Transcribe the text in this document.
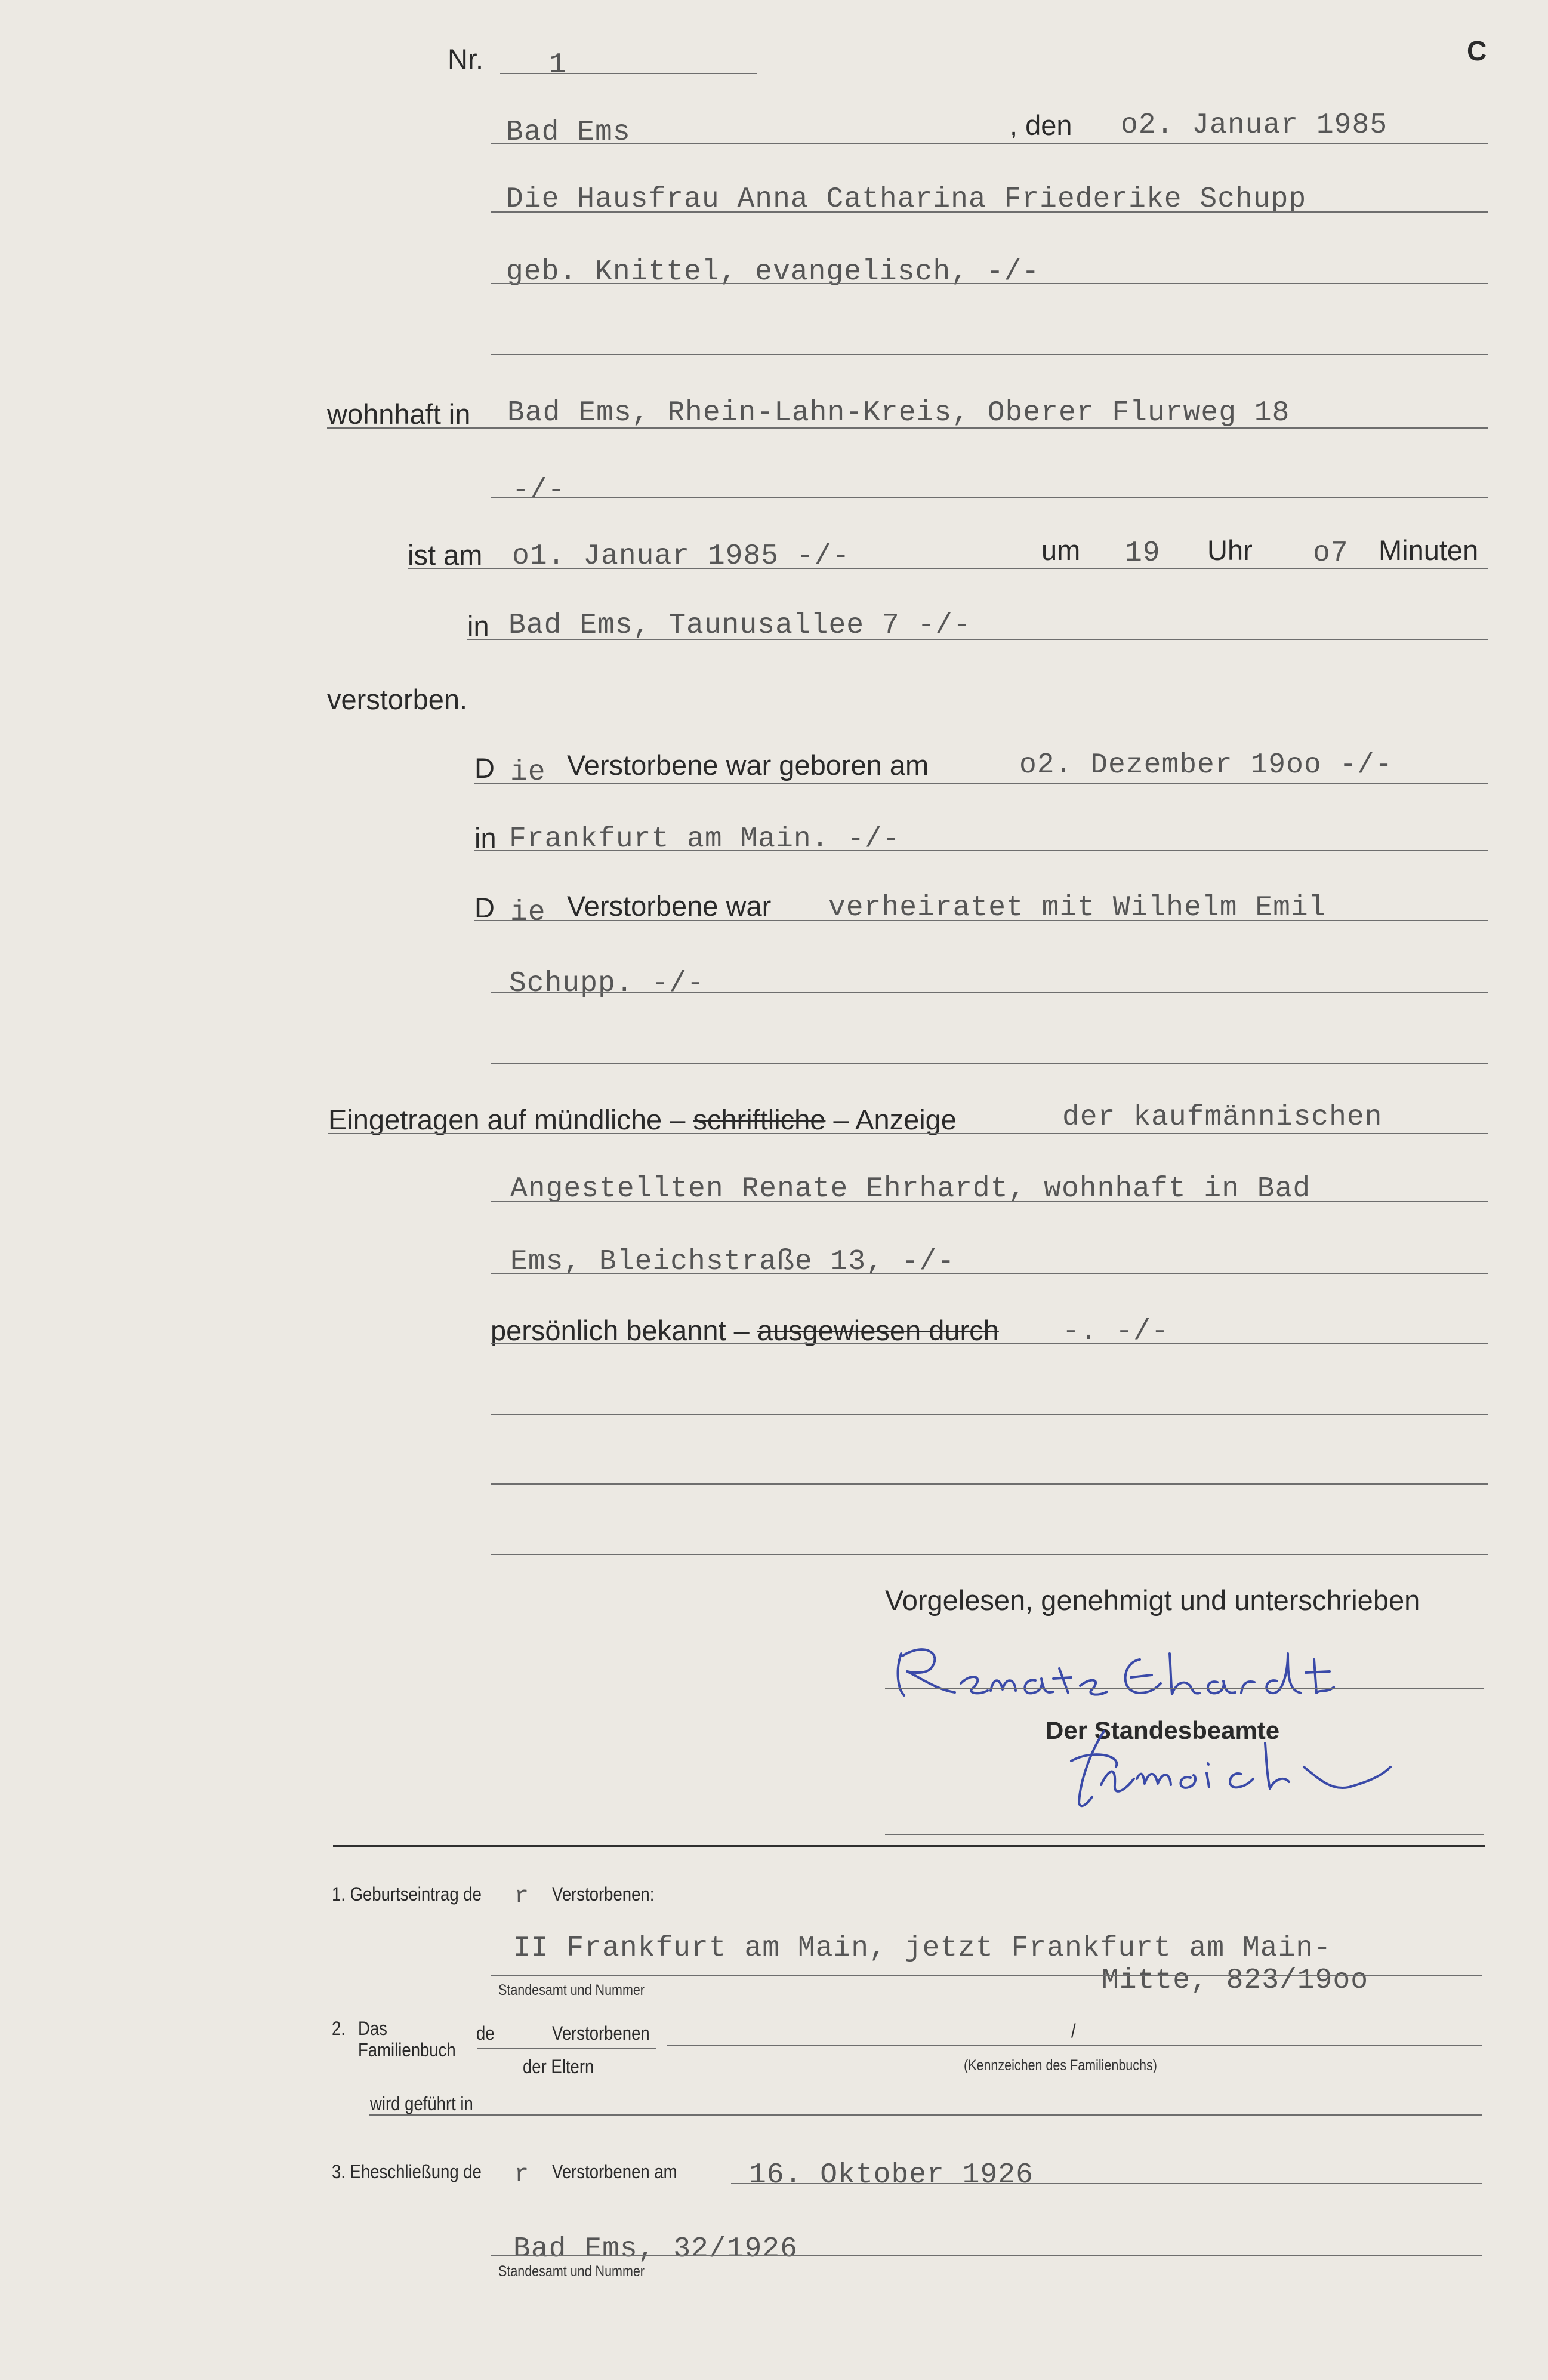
Nr. 1	C
Bad Ems	, den o2. Januar 1985
Die Hausfrau Anna Catharina Friederike Schupp
geb. Knittel, evangelisch, -/-
wohnhaft in Bad Ems, Rhein-Lahn-Kreis, Oberer Flurweg 18
-/-
ist am o1. Januar 1985 -/-	um 19 Uhr o7 Minuten
in Bad Ems, Taunusallee 7 -/-
verstorben.
D ie Verstorbene war geboren am	o2. Dezember 19oo -/-
in Frankfurt am Main. -/-
D ie Verstorbene war verheiratet mit Wilhelm Emil
Schupp. -/-
Eingetragen auf mündliche – schriftliche – Anzeige	der kaufmännischen
Angestellten Renate Ehrhardt, wohnhaft in Bad
Ems, Bleichstraße 13, -/-
persönlich bekannt – ausgewiesen durch -. -/-
Vorgelesen, genehmigt und unterschrieben
Der Standesbeamte
1. Geburtseintrag de r Verstorbenen:
II Frankfurt am Main, jetzt Frankfurt am Main-
Mitte, 823/19oo
Standesamt und Nummer
2. Das
Familienbuch
de	Verstorbenen
der Eltern
/
(Kennzeichen des Familienbuchs)
wird geführt in
3. Eheschließung de r Verstorbenen am	16. Oktober 1926
Bad Ems, 32/1926
Standesamt und Nummer
